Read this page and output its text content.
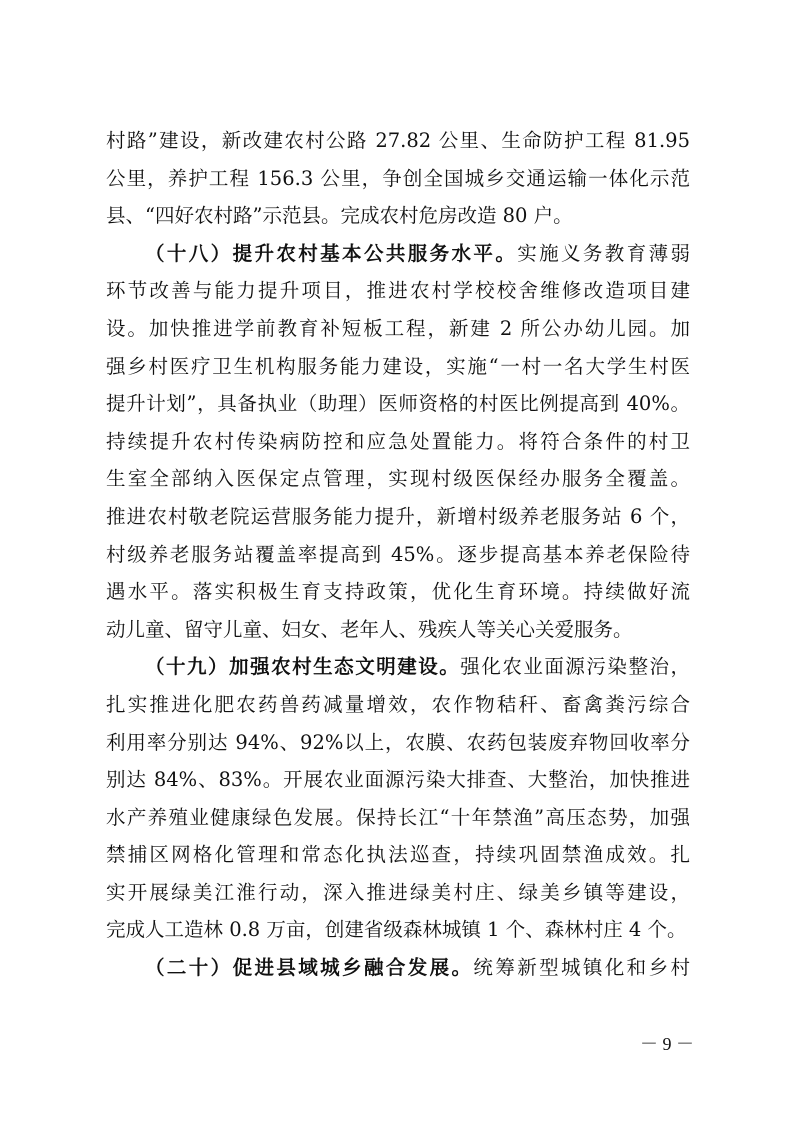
村路”建设，新改建农村公路 27.82 公里、生命防护工程 81.95
公里，养护工程 156.3 公里，争创全国城乡交通运输一体化示范
县、“四好农村路”示范县。完成农村危房改造 80 户。
（十八）提升农村基本公共服务水平。实施义务教育薄弱
环节改善与能力提升项目，推进农村学校校舍维修改造项目建
设。加快推进学前教育补短板工程，新建 2 所公办幼儿园。加
强乡村医疗卫生机构服务能力建设，实施“一村一名大学生村医
提升计划”，具备执业（助理）医师资格的村医比例提高到 40%。
持续提升农村传染病防控和应急处置能力。将符合条件的村卫
生室全部纳入医保定点管理，实现村级医保经办服务全覆盖。
推进农村敬老院运营服务能力提升，新增村级养老服务站 6 个，
村级养老服务站覆盖率提高到 45%。逐步提高基本养老保险待
遇水平。落实积极生育支持政策，优化生育环境。持续做好流
动儿童、留守儿童、妇女、老年人、残疾人等关心关爱服务。
（十九）加强农村生态文明建设。强化农业面源污染整治，
扎实推进化肥农药兽药减量增效，农作物秸秆、畜禽粪污综合
利用率分别达 94%、92%以上，农膜、农药包装废弃物回收率分
别达 84%、83%。开展农业面源污染大排查、大整治，加快推进
水产养殖业健康绿色发展。保持长江“十年禁渔”高压态势，加强
禁捕区网格化管理和常态化执法巡查，持续巩固禁渔成效。扎
实开展绿美江淮行动，深入推进绿美村庄、绿美乡镇等建设，
完成人工造林 0.8 万亩，创建省级森林城镇 1 个、森林村庄 4 个。
（二十）促进县域城乡融合发展。统筹新型城镇化和乡村
－ 9 －
